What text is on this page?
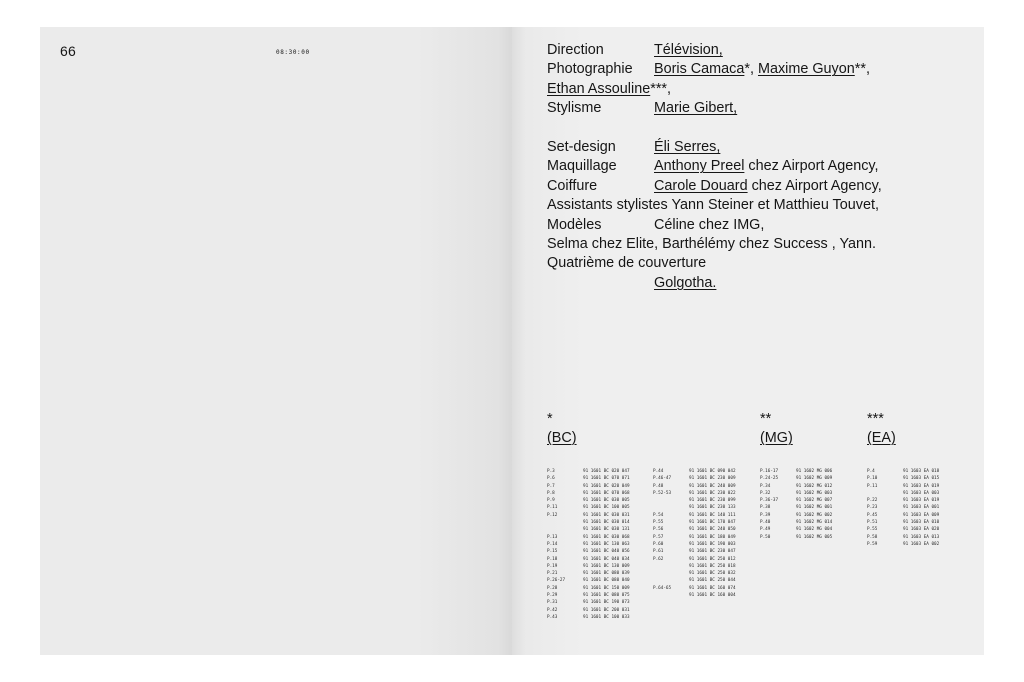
66	08:30:00	Direction	Télévision,
Photographie Boris Camaca*, Maxime Guyon**,
Ethan Assouline***,
Stylisme	Marie Gibert,
Set-design	Éli Serres,
Maquillage	Anthony Preel chez Airport Agency,
Coiffure	Carole Douard chez Airport Agency,
Assistants stylistes Yann Steiner et Matthieu Touvet,
Modèles	Céline chez IMG,
Selma chez Elite, Barthélémy chez Success , Yann.
Quatrième de couverture
Golgotha.
*
(BC)
**
(MG)
***
(EA)
P.3	91 1601 BC 020 047
P.6	91 1601 BC 070 071
P.7	91 1601 BC 020 049
P.8	91 1601 BC 070 068
P.9	91 1601 BC 030 005
P.11	91 1601 BC 100 005
P.12	91 1601 BC 030 031
91 1601 BC 030 014
91 1601 BC 030 131
P.13	91 1601 BC 030 068
P.14	91 1601 BC 130 063
P.15	91 1601 BC 040 056
P.18	91 1601 BC 040 034
P.19	91 1601 BC 130 009
P.21	91 1601 BC 080 039
P.26-27	91 1601 BC 080 040
P.28	91 1601 BC 150 009
P.29	91 1601 BC 080 075
P.31	91 1601 BC 190 073
P.42	91 1601 BC 200 031
P.43	91 1601 BC 100 033
P.44	91 1601 BC 090 042
P.46-47	91 1601 BC 230 009
P.48	91 1601 BC 240 009
P.52-53	91 1601 BC 230 022
91 1601 BC 230 099
91 1601 BC 230 133
P.54	91 1601 BC 140 111
P.55	91 1601 BC 170 047
P.56	91 1601 BC 240 050
P.57	91 1601 BC 180 049
P.60	91 1601 BC 190 003
P.61	91 1601 BC 230 047
P.62	91 1601 BC 250 012
91 1601 BC 250 018
91 1601 BC 250 032
91 1601 BC 250 044
P.64-65	91 1601 BC 160 074
91 1601 BC 160 004
P.16-17	91 1602 MG 006
P.24-25	91 1602 MG 009
P.34	91 1602 MG 012
P.32	91 1602 MG 003
P.36-37	91 1602 MG 007
P.38	91 1602 MG 001
P.39	91 1602 MG 002
P.40	91 1602 MG 014
P.49	91 1602 MG 004
P.50	91 1602 MG 005
P.4	91 1603 EA 018
P.10	91 1603 EA 015
P.11	91 1603 EA 019
91 1603 EA 003
P.22	91 1603 EA 019
P.23	91 1603 EA 001
P.45	91 1603 EA 009
P.51	91 1603 EA 010
P.55	91 1603 EA 020
P.58	91 1603 EA 013
P.59	91 1603 EA 002
